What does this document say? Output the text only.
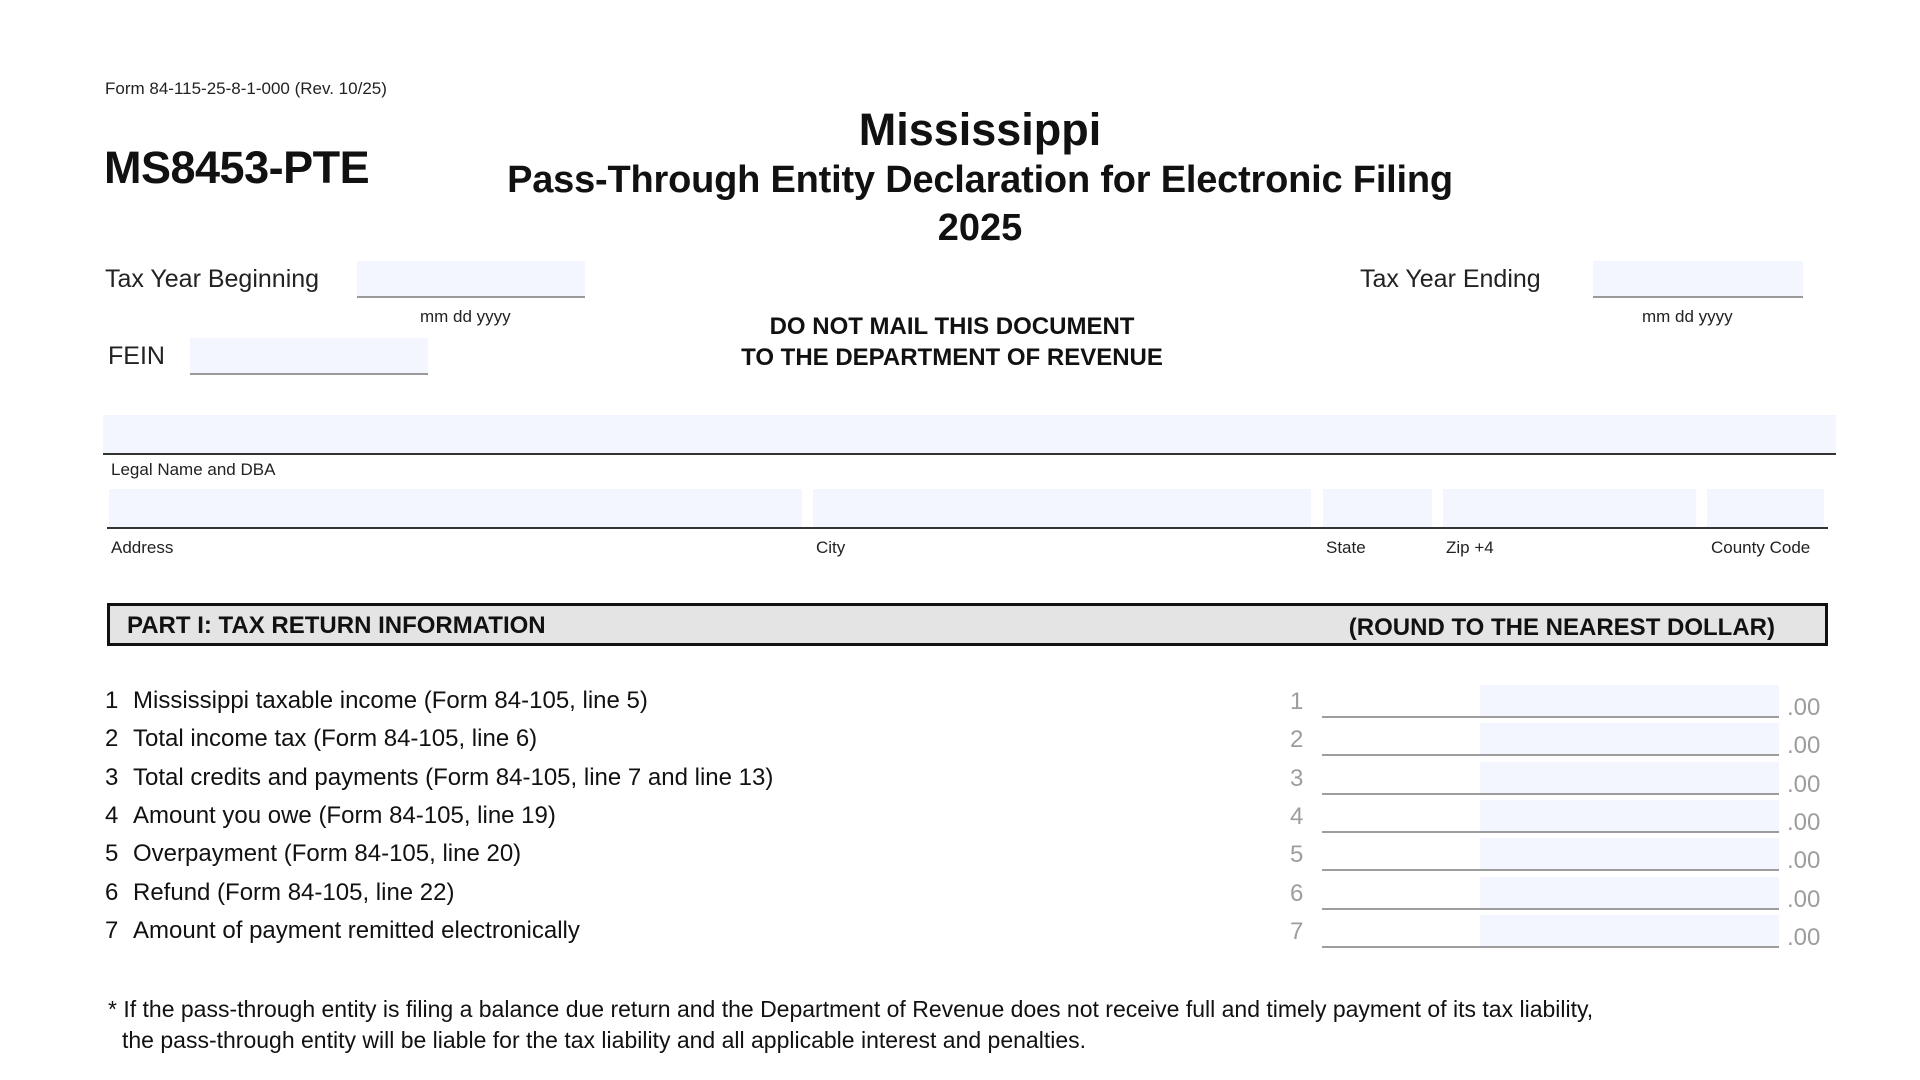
Form 84-115-25-8-1-000 (Rev. 10/25)
MS8453-PTE
Mississippi
Pass-Through Entity Declaration for Electronic Filing
2025
Tax Year Beginning
mm dd yyyy
Tax Year Ending
mm dd yyyy
FEIN
DO NOT MAIL THIS DOCUMENT
TO THE DEPARTMENT OF REVENUE
Legal Name and DBA
Address	City	State	Zip +4	County Code
PART I: TAX RETURN INFORMATION	(ROUND TO THE NEAREST DOLLAR)
1 Mississippi taxable income (Form 84-105, line 5)	1	.00
2 Total income tax (Form 84-105, line 6)	2	.00
3 Total credits and payments (Form 84-105, line 7 and line 13)	3	.00
4 Amount you owe (Form 84-105, line 19)	4	.00
5 Overpayment (Form 84-105, line 20)	5	.00
6 Refund (Form 84-105, line 22)	6	.00
7 Amount of payment remitted electronically	7	.00
* If the pass-through entity is filing a balance due return and the Department of Revenue does not receive full and timely payment of its tax liability,
the pass-through entity will be liable for the tax liability and all applicable interest and penalties.
